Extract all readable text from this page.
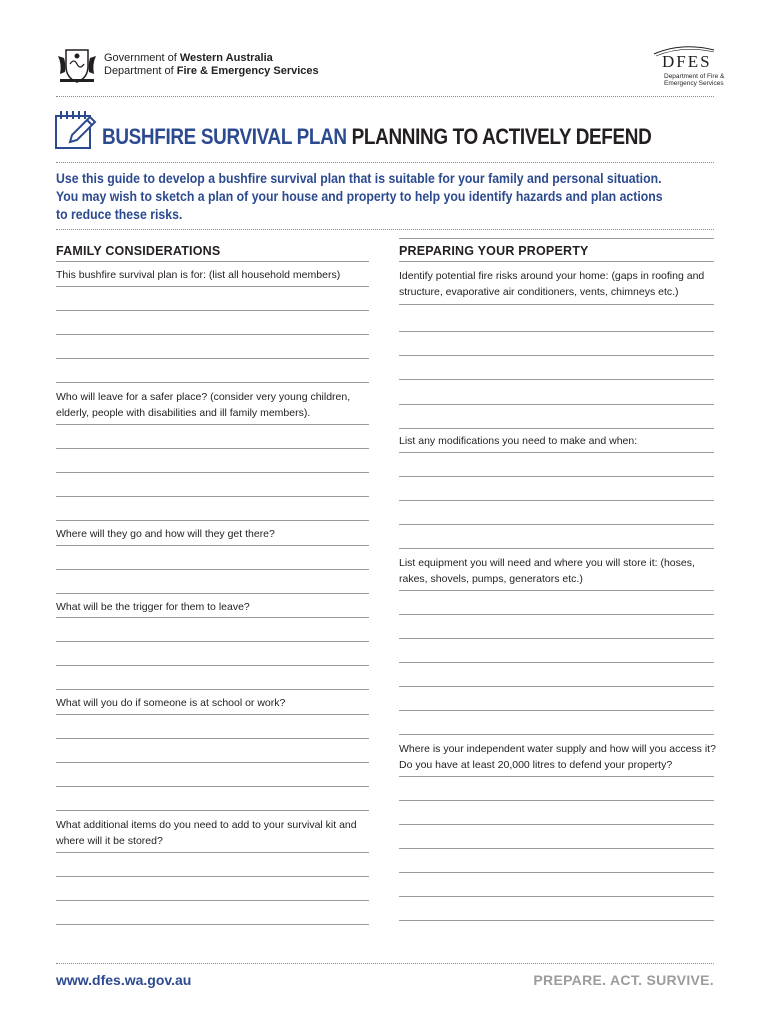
Government of Western Australia
Department of Fire & Emergency Services	DFES
Department of Fire &
Emergency Services
BUSHFIRE SURVIVAL PLAN PLANNING TO ACTIVELY DEFEND
Use this guide to develop a bushfire survival plan that is suitable for your family and personal situation.
You may wish to sketch a plan of your house and property to help you identify hazards and plan actions
to reduce these risks.
FAMILY CONSIDERATIONS
This bushfire survival plan is for: (list all household members)
Who will leave for a safer place? (consider very young children,
elderly, people with disabilities and ill family members).
Where will they go and how will they get there?
What will be the trigger for them to leave?
What will you do if someone is at school or work?
What additional items do you need to add to your survival kit and
where will it be stored?
PREPARING YOUR PROPERTY
Identify potential fire risks around your home: (gaps in roofing and
structure, evaporative air conditioners, vents, chimneys etc.)
List any modifications you need to make and when:
List equipment you will need and where you will store it: (hoses,
rakes, shovels, pumps, generators etc.)
Where is your independent water supply and how will you access it?
Do you have at least 20,000 litres to defend your property?
www.dfes.wa.gov.au	PREPARE. ACT. SURVIVE.
